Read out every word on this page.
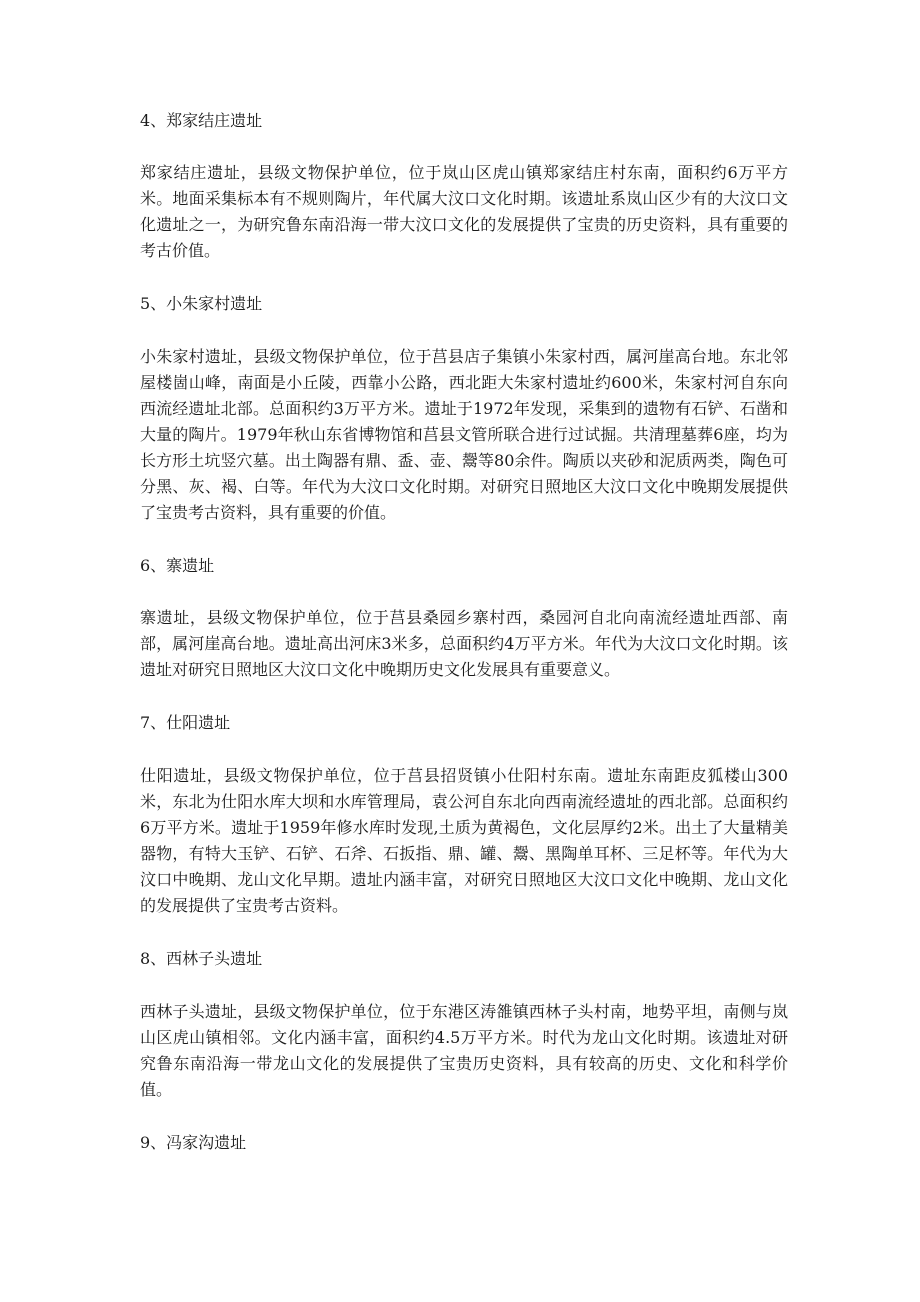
4、郑家结庄遗址

郑家结庄遗址，县级文物保护单位，位于岚山区虎山镇郑家结庄村东南，面积约6万平方米。地面采集标本有不规则陶片，年代属大汶口文化时期。该遗址系岚山区少有的大汶口文化遗址之一，为研究鲁东南沿海一带大汶口文化的发展提供了宝贵的历史资料，具有重要的考古价值。

5、小朱家村遗址

小朱家村遗址，县级文物保护单位，位于莒县店子集镇小朱家村西，属河崖高台地。东北邻屋楼崮山峰，南面是小丘陵，西靠小公路，西北距大朱家村遗址约600米，朱家村河自东向西流经遗址北部。总面积约3万平方米。遗址于1972年发现，采集到的遗物有石铲、石凿和大量的陶片。1979年秋山东省博物馆和莒县文管所联合进行过试掘。共清理墓葬6座，均为长方形土坑竖穴墓。出土陶器有鼎、盉、壶、鬶等80余件。陶质以夹砂和泥质两类，陶色可分黑、灰、褐、白等。年代为大汶口文化时期。对研究日照地区大汶口文化中晚期发展提供了宝贵考古资料，具有重要的价值。

6、寨遗址

寨遗址，县级文物保护单位，位于莒县桑园乡寨村西，桑园河自北向南流经遗址西部、南部，属河崖高台地。遗址高出河床3米多，总面积约4万平方米。年代为大汶口文化时期。该遗址对研究日照地区大汶口文化中晚期历史文化发展具有重要意义。

7、仕阳遗址

仕阳遗址，县级文物保护单位，位于莒县招贤镇小仕阳村东南。遗址东南距皮狐楼山300米，东北为仕阳水库大坝和水库管理局，袁公河自东北向西南流经遗址的西北部。总面积约6万平方米。遗址于1959年修水库时发现,土质为黄褐色，文化层厚约2米。出土了大量精美器物，有特大玉铲、石铲、石斧、石扳指、鼎、罐、鬶、黑陶单耳杯、三足杯等。年代为大汶口中晚期、龙山文化早期。遗址内涵丰富，对研究日照地区大汶口文化中晚期、龙山文化的发展提供了宝贵考古资料。

8、西林子头遗址

西林子头遗址，县级文物保护单位，位于东港区涛雒镇西林子头村南，地势平坦，南侧与岚山区虎山镇相邻。文化内涵丰富，面积约4.5万平方米。时代为龙山文化时期。该遗址对研究鲁东南沿海一带龙山文化的发展提供了宝贵历史资料，具有较高的历史、文化和科学价值。

9、冯家沟遗址
